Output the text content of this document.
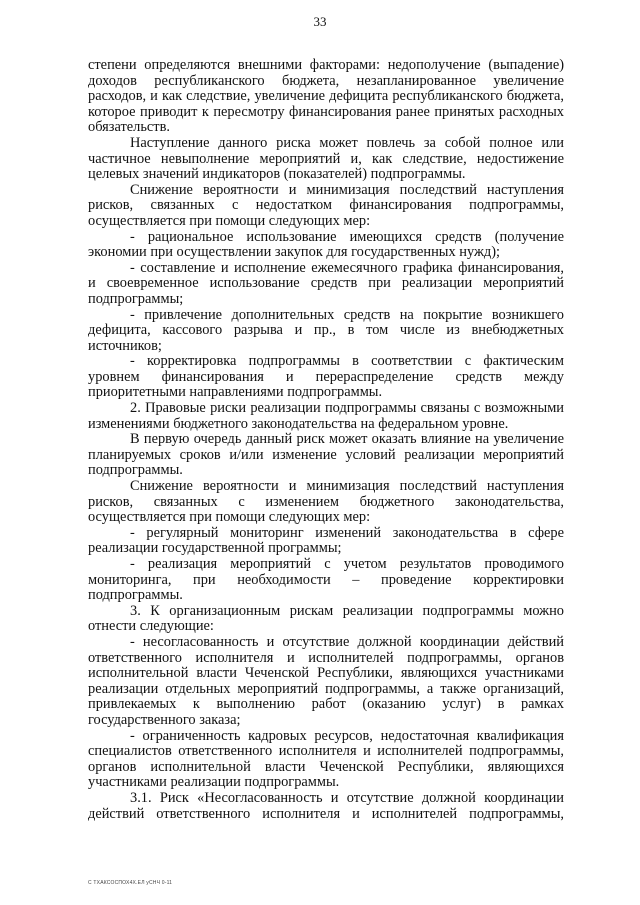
33

степени определяются внешними факторами: недополучение (выпадение) доходов республиканского бюджета, незапланированное увеличение расходов, и как следствие, увеличение дефицита республиканского бюджета, которое приводит к пересмотру финансирования ранее принятых расходных обязательств.

Наступление данного риска может повлечь за собой полное или частичное невыполнение мероприятий и, как следствие, недостижение целевых значений индикаторов (показателей) подпрограммы.

Снижение вероятности и минимизация последствий наступления рисков, связанных с недостатком финансирования подпрограммы, осуществляется при помощи следующих мер:

- рациональное использование имеющихся средств (получение экономии при осуществлении закупок для государственных нужд);

- составление и исполнение ежемесячного графика финансирования, и своевременное использование средств при реализации мероприятий подпрограммы;

- привлечение дополнительных средств на покрытие возникшего дефицита, кассового разрыва и пр., в том числе из внебюджетных источников;

- корректировка подпрограммы в соответствии с фактическим уровнем финансирования и перераспределение средств между приоритетными направлениями подпрограммы.

2. Правовые риски реализации подпрограммы связаны с возможными изменениями бюджетного законодательства на федеральном уровне.

В первую очередь данный риск может оказать влияние на увеличение планируемых сроков и/или изменение условий реализации мероприятий подпрограммы.

Снижение вероятности и минимизация последствий наступления рисков, связанных с изменением бюджетного законодательства, осуществляется при помощи следующих мер:

- регулярный мониторинг изменений законодательства в сфере реализации государственной программы;

- реализация мероприятий с учетом результатов проводимого мониторинга, при необходимости – проведение корректировки подпрограммы.

3. К организационным рискам реализации подпрограммы можно отнести следующие:

- несогласованность и отсутствие должной координации действий ответственного исполнителя и исполнителей подпрограммы, органов исполнительной власти Чеченской Республики, являющихся участниками реализации отдельных мероприятий подпрограммы, а также организаций, привлекаемых к выполнению работ (оказанию услуг) в рамках государственного заказа;

- ограниченность кадровых ресурсов, недостаточная квалификация специалистов ответственного исполнителя и исполнителей подпрограммы, органов исполнительной власти Чеченской Республики, являющихся участниками реализации подпрограммы.

3.1. Риск «Несогласованность и отсутствие должной координации действий ответственного исполнителя и исполнителей подпрограммы,

С ТХАКСОСПОХ4Х.ЕЛ уСНЧ 0-11
